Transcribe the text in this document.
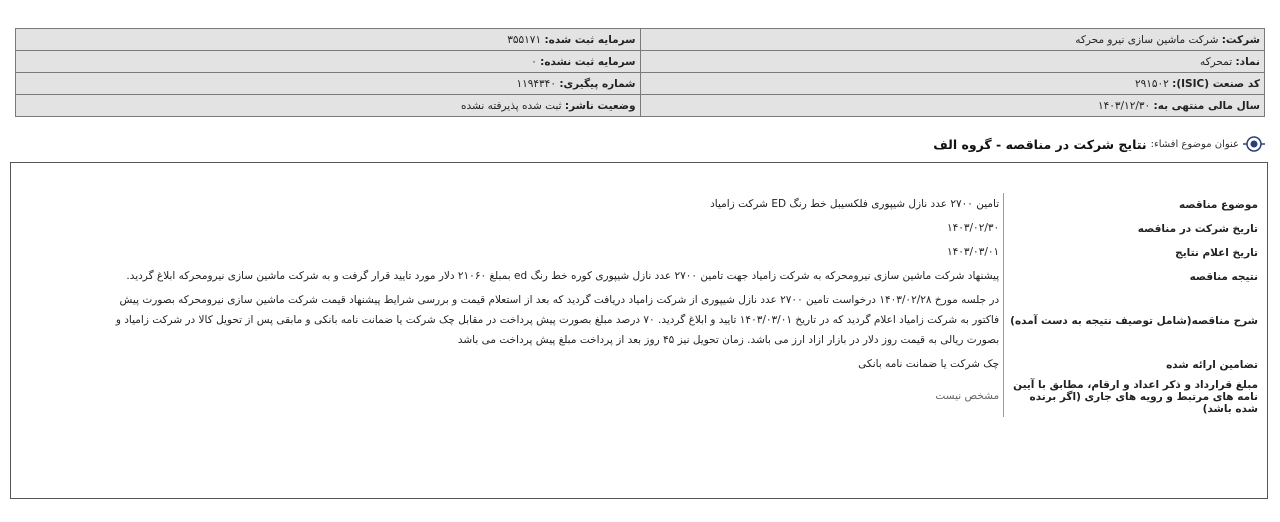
شرکت: شرکت ماشین سازی نیرو محرکه	سرمایه ثبت شده: ۳۵۵۱۷۱
نماد: تمحرکه	سرمایه ثبت نشده: ۰
کد صنعت (ISIC): ۲۹۱۵۰۲	شماره پیگیری: ۱۱۹۴۳۴۰
سال مالی منتهی به: ۱۴۰۳/۱۲/۳۰	وضعیت ناشر: ثبت شده پذیرفته نشده
عنوان موضوع افشاء:
نتایج شرکت در مناقصه - گروه الف
موضوع مناقصه	تامین ۲۷۰۰ عدد نازل شیپوری فلکسیبل خط رنگ ED شرکت زامیاد
تاریخ شرکت در مناقصه	۱۴۰۳/۰۲/۳۰
تاریخ اعلام نتایج	۱۴۰۳/۰۳/۰۱
نتیجه مناقصه	پیشنهاد شرکت ماشین سازی نیرومحرکه به شرکت زامیاد جهت تامین ۲۷۰۰ عدد نازل شیپوری کوره خط رنگ ed بمبلغ ۲۱۰۶۰ دلار مورد تایید قرار گرفت و به شرکت ماشین سازی نیرومحرکه ابلاغ گردید.
شرح مناقصه(شامل توصیف نتیجه به دست آمده)	در جلسه مورخ ۱۴۰۳/۰۲/۲۸ درخواست تامین ۲۷۰۰ عدد نازل شیپوری از شرکت زامیاد دریافت گردید که بعد از استعلام قیمت و بررسی شرایط پیشنهاد قیمت شرکت ماشین سازی نیرومحرکه بصورت پیش فاکتور به شرکت زامیاد اعلام گردید که در تاریخ ۱۴۰۳/۰۳/۰۱ تایید و ابلاغ گردید. ۷۰ درصد مبلغ بصورت پیش پرداخت در مقابل چک شرکت یا ضمانت نامه بانکی و مابقی پس از تحویل کالا در شرکت زامیاد و بصورت ریالی به قیمت روز دلار در بازار ازاد ارز می باشد. زمان تحویل نیز ۴۵ روز بعد از پرداخت مبلغ پیش پرداخت می باشد
تضامین ارائه شده	چک شرکت یا ضمانت نامه بانکی
مبلغ قرارداد و ذکر اعداد و ارقام، مطابق با آیین نامه های مرتبط و رویه های جاری (اگر برنده شده باشد)	مشخص نیست
